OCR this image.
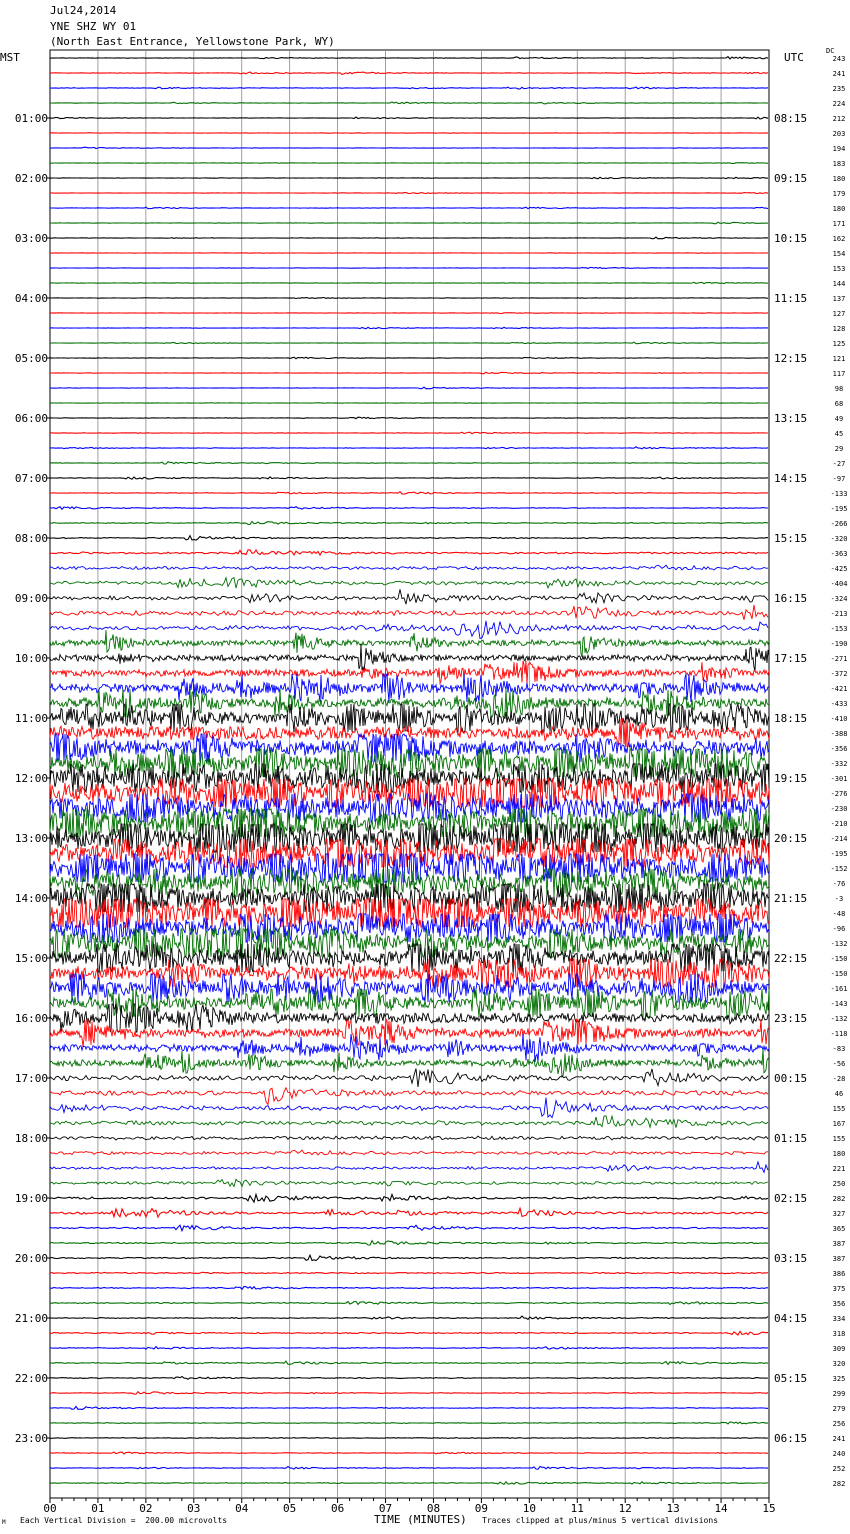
00	01	02	03	04	05	06	07	08	09	10	11	12	13	14	15
243
241
235
224
212
203
194
183
180
179
180
171
162
154
153
144
137
127
128
125
121
117
98
68
49
45
29
-27
-97
-133
-195
-266
-320
-363
-425
-404
-324
-213
-153
-190
-271
-372
-421
-433
-410
-388
-356
-332
-301
-276
-230
-210
-214
-195
-152
-76
-3
-48
-96
-132
-150
-150
-161
-143
-132
-118
-83
-56
-28
46
155
167
155
180
221
250
282
327
365
387
387
386
375
356
334
318
309
320
325
299
279
256
241
240
252
282
01:00
02:00
03:00
04:00
05:00
06:00
07:00
08:00
09:00
10:00
11:00
12:00
13:00
14:00
15:00
16:00
17:00
18:00
19:00
20:00
21:00
22:00
23:00
08:15
09:15
10:15
11:15
12:15
13:15
14:15
15:15
16:15
17:15
18:15
19:15
20:15
21:15
22:15
23:15
00:15
01:15
02:15
03:15
04:15
05:15
06:15
Jul24,2014
YNE SHZ WY 01
(North East Entrance, Yellowstone Park, WY)
MST	UTC	DC
M Each Vertical Division =  200.00 microvolts	TIME (MINUTES) Traces clipped at plus/minus 5 vertical divisions
